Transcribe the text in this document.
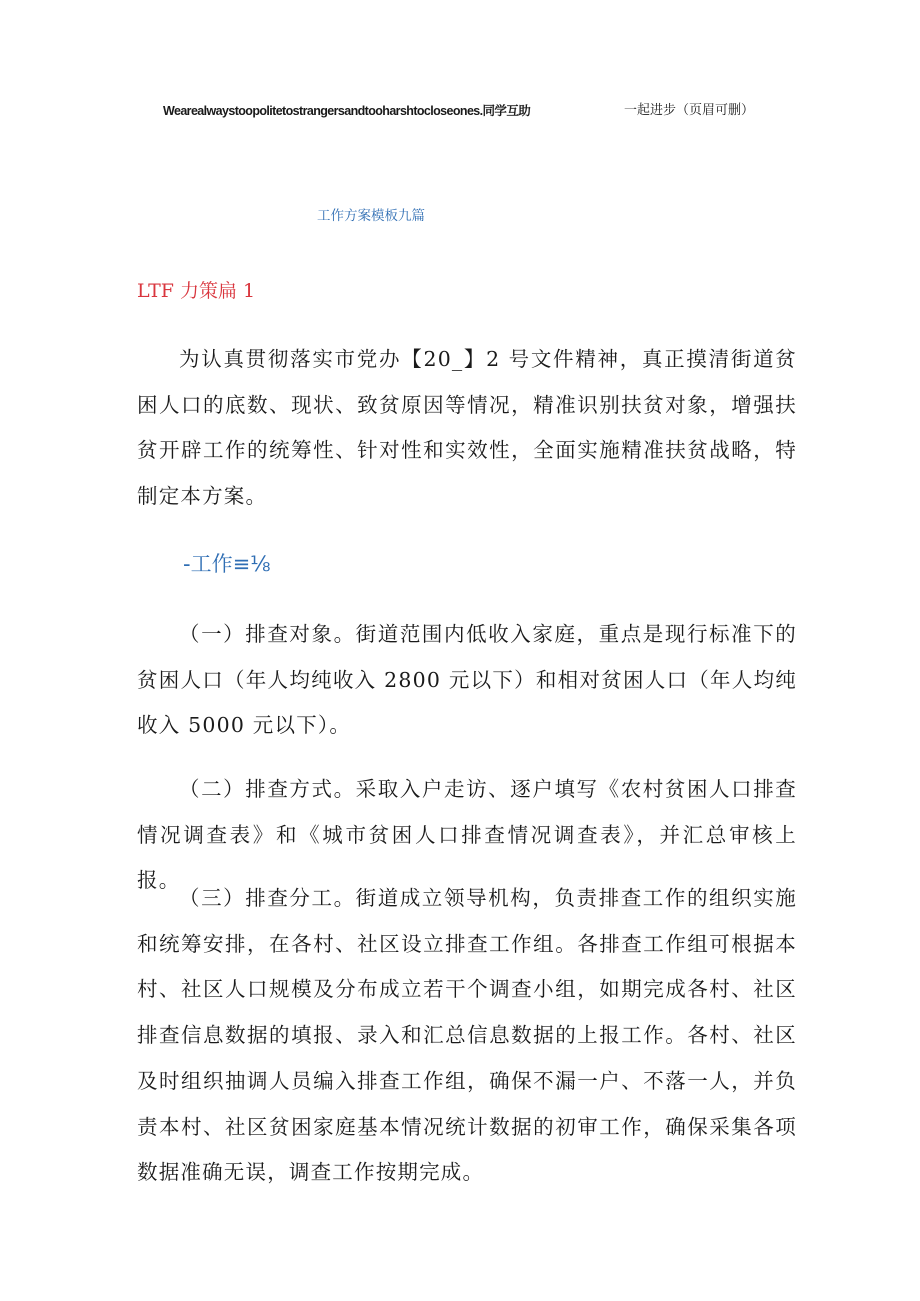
Wearealwaystoopolitetostrangersandtooharshtocloseones.同学互助	一起进步（页眉可删）
工作方案模板九篇
LTF 力策扁 1

为认真贯彻落实市党办【20_】2 号文件精神，真正摸清街道贫困人口的底数、现状、致贫原因等情况，精准识别扶贫对象，增强扶贫开辟工作的统筹性、针对性和实效性，全面实施精准扶贫战略，特制定本方案。

-工作≡⅛

（一）排查对象。街道范围内低收入家庭，重点是现行标准下的贫困人口（年人均纯收入 2800 元以下）和相对贫困人口（年人均纯收入 5000 元以下）。

（二）排查方式。采取入户走访、逐户填写《农村贫困人口排查情况调查表》和《城市贫困人口排查情况调查表》，并汇总审核上报。

（三）排查分工。街道成立领导机构，负责排查工作的组织实施和统筹安排，在各村、社区设立排查工作组。各排查工作组可根据本村、社区人口规模及分布成立若干个调查小组，如期完成各村、社区排查信息数据的填报、录入和汇总信息数据的上报工作。各村、社区及时组织抽调人员编入排查工作组，确保不漏一户、不落一人，并负责本村、社区贫困家庭基本情况统计数据的初审工作，确保采集各项数据准确无误，调查工作按期完成。
